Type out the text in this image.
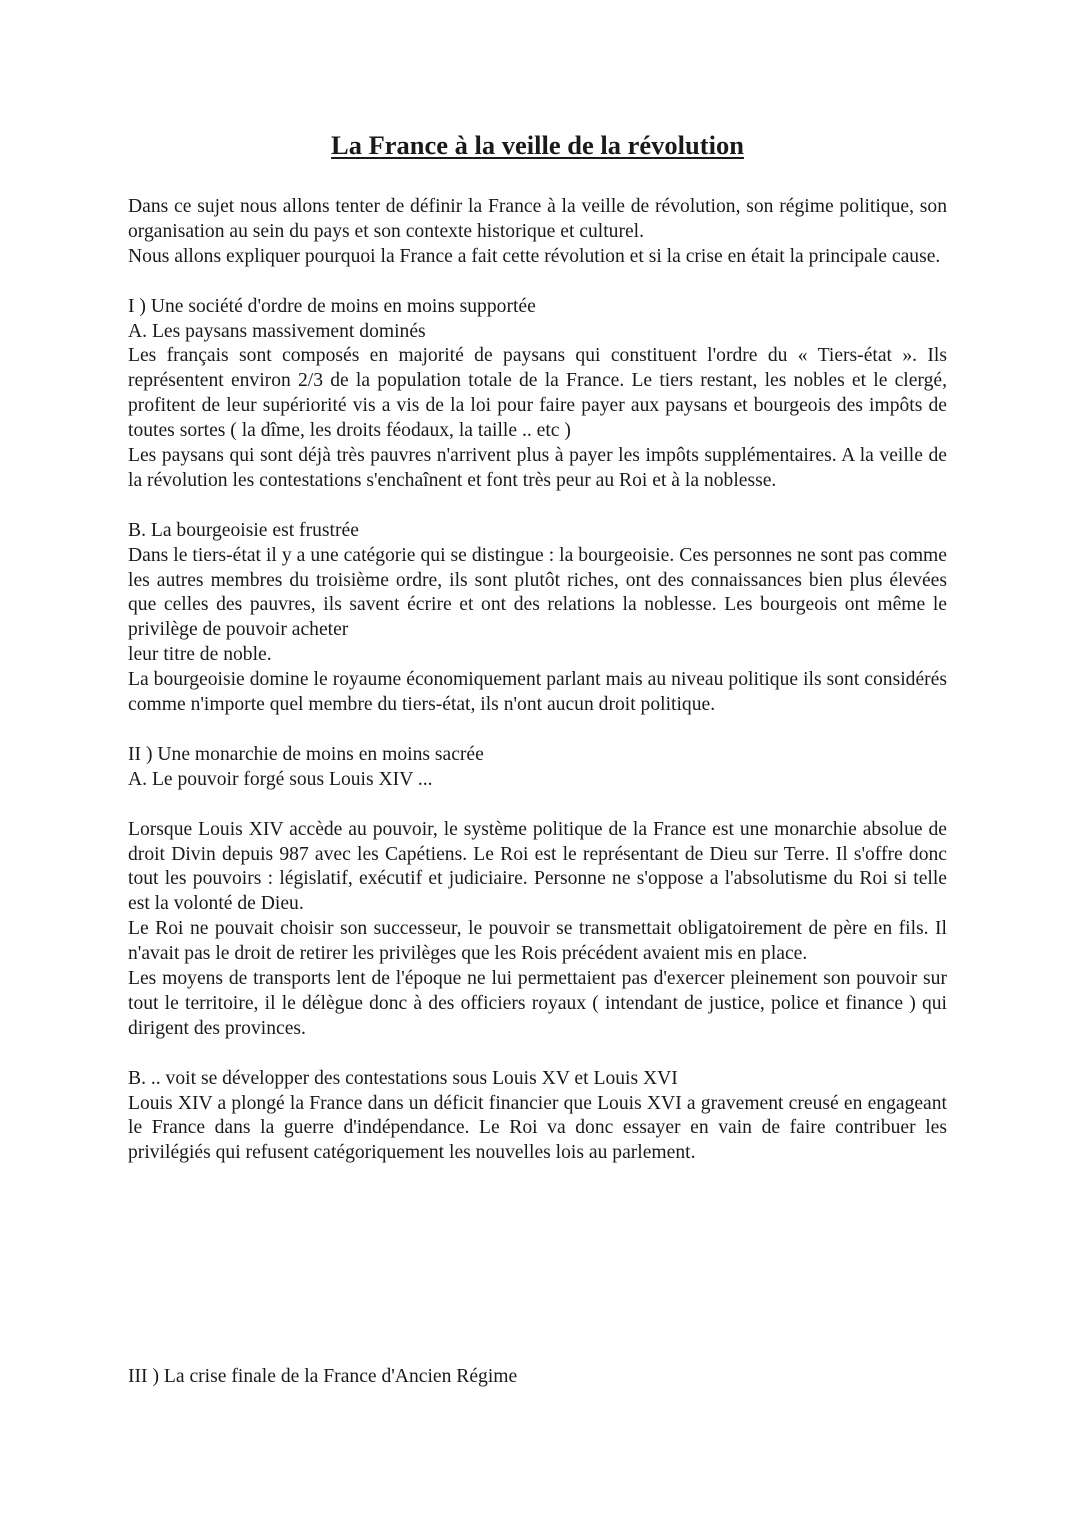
La France à la veille de la révolution

Dans ce sujet nous allons tenter de définir la France à la veille de révolution, son régime politique, son organisation au sein du pays et son contexte historique et culturel.

Nous allons expliquer pourquoi la France a fait cette révolution et si la crise en était la principale cause.

I ) Une société d'ordre de moins en moins supportée

A. Les paysans massivement dominés

Les français sont composés en majorité de paysans qui constituent l'ordre du « Tiers-état ». Ils représentent environ 2/3 de la population totale de la France. Le tiers restant, les nobles et le clergé, profitent de leur supériorité vis a vis de la loi pour faire payer aux paysans et bourgeois des impôts de toutes sortes ( la dîme, les droits féodaux, la taille .. etc )

Les paysans qui sont déjà très pauvres n'arrivent plus à payer les impôts supplémentaires. A la veille de la révolution les contestations s'enchaînent et font très peur au Roi et à la noblesse.

B. La bourgeoisie est frustrée

Dans le tiers-état il y a une catégorie qui se distingue : la bourgeoisie. Ces personnes ne sont pas comme les autres membres du troisième ordre, ils sont plutôt riches, ont des connaissances bien plus élevées que celles des pauvres, ils savent écrire et ont des relations la noblesse. Les bourgeois ont même le privilège de pouvoir acheter

leur titre de noble.

La bourgeoisie domine le royaume économiquement parlant mais au niveau politique ils sont considérés comme n'importe quel membre du tiers-état, ils n'ont aucun droit politique.

II ) Une monarchie de moins en moins sacrée

A. Le pouvoir forgé sous Louis XIV ...

Lorsque Louis XIV accède au pouvoir, le système politique de la France est une monarchie absolue de droit Divin depuis 987 avec les Capétiens. Le Roi est le représentant de Dieu sur Terre. Il s'offre donc tout les pouvoirs : législatif, exécutif et judiciaire. Personne ne s'oppose a l'absolutisme du Roi si telle est la volonté de Dieu.

Le Roi ne pouvait choisir son successeur, le pouvoir se transmettait obligatoirement de père en fils. Il n'avait pas le droit de retirer les privilèges que les Rois précédent avaient mis en place.

Les moyens de transports lent de l'époque ne lui permettaient pas d'exercer pleinement son pouvoir sur tout le territoire, il le délègue donc à des officiers royaux ( intendant de justice, police et finance ) qui dirigent des provinces.

B. .. voit se développer des contestations sous Louis XV et Louis XVI

Louis XIV a plongé la France dans un déficit financier que Louis XVI a gravement creusé en engageant le France dans la guerre d'indépendance. Le Roi va donc essayer en vain de faire contribuer les privilégiés qui refusent catégoriquement les nouvelles lois au parlement.

III ) La crise finale de la France d'Ancien Régime
